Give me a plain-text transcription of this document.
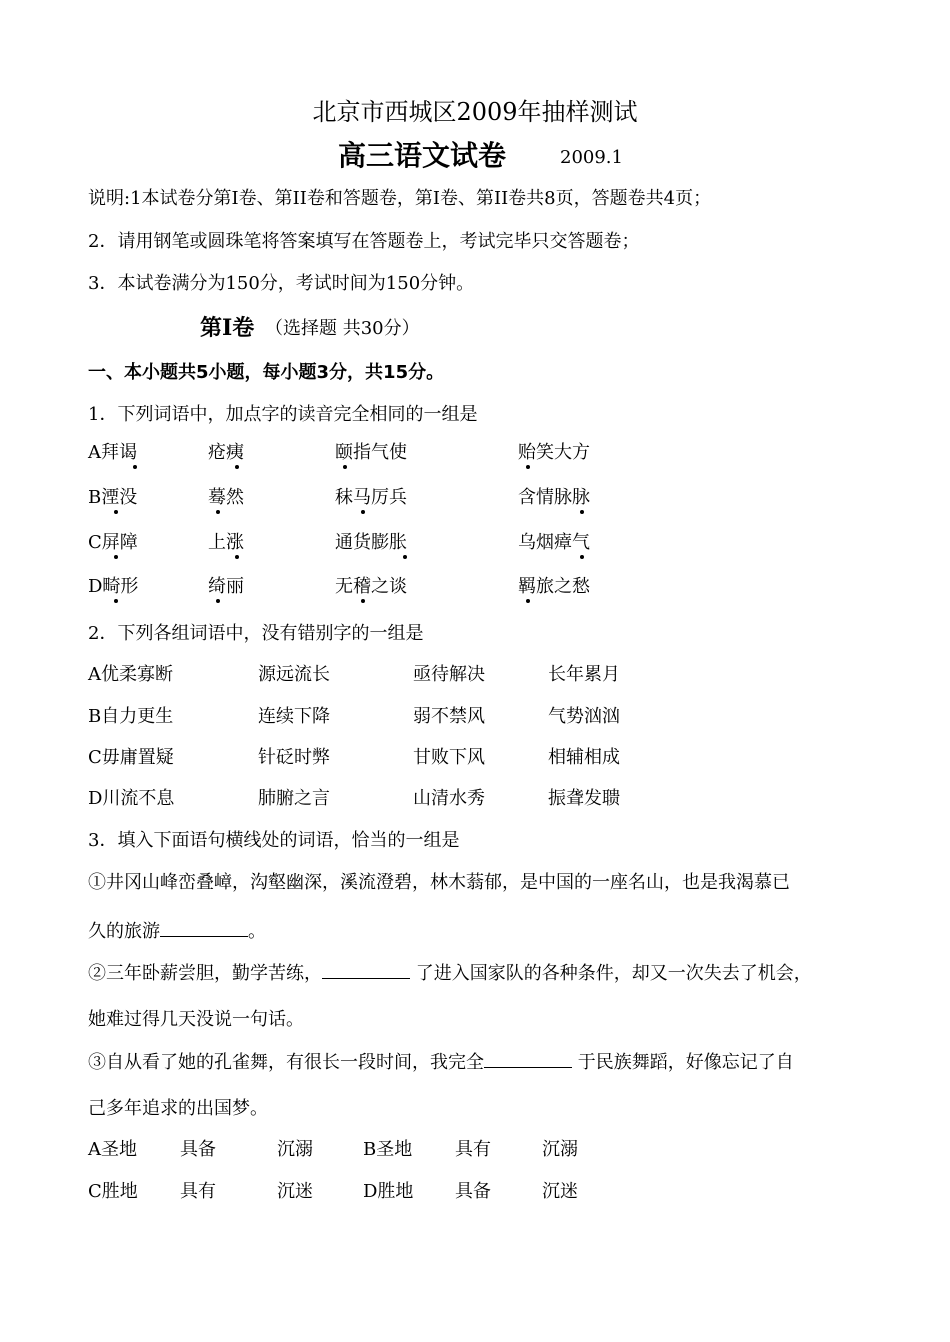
北京市西城区2009年抽样测试
高三语文试卷	2009.1
说明:1本试卷分第Ⅰ卷、第II卷和答题卷，第I卷、第II卷共8页，答题卷共4页；
2．请用钢笔或圆珠笔将答案填写在答题卷上，考试完毕只交答题卷；
3．本试卷满分为150分，考试时间为150分钟。
第I卷 （选择题 共30分）
一、本小题共5小题，每小题3分，共15分。
1．下列词语中，加点字的读音完全相同的一组是
A拜谒	疮痍	颐指气使	贻笑大方
B湮没	蓦然	秣马厉兵	含情脉脉
C屏障	上涨	通货膨胀	乌烟瘴气
D畸形	绮丽	无稽之谈	羁旅之愁
2．下列各组词语中，没有错别字的一组是
A优柔寡断	源远流长	亟待解决	长年累月
B自力更生	连续下降	弱不禁风	气势汹汹
C毋庸置疑	针砭时弊	甘败下风	相辅相成
D川流不息	肺腑之言	山清水秀	振聋发聩
3．填入下面语句横线处的词语，恰当的一组是
①井冈山峰峦叠嶂，沟壑幽深，溪流澄碧，林木蓊郁，是中国的一座名山，也是我渴慕已
久的旅游	。
②三年卧薪尝胆，勤学苦练，	了进入国家队的各种条件，却又一次失去了机会，
她难过得几天没说一句话。
③自从看了她的孔雀舞，有很长一段时间，我完全	于民族舞蹈，好像忘记了自
己多年追求的出国梦。
A圣地 具备	沉溺	B圣地 具有	沉溺
C胜地 具有	沉迷	D胜地 具备	沉迷
